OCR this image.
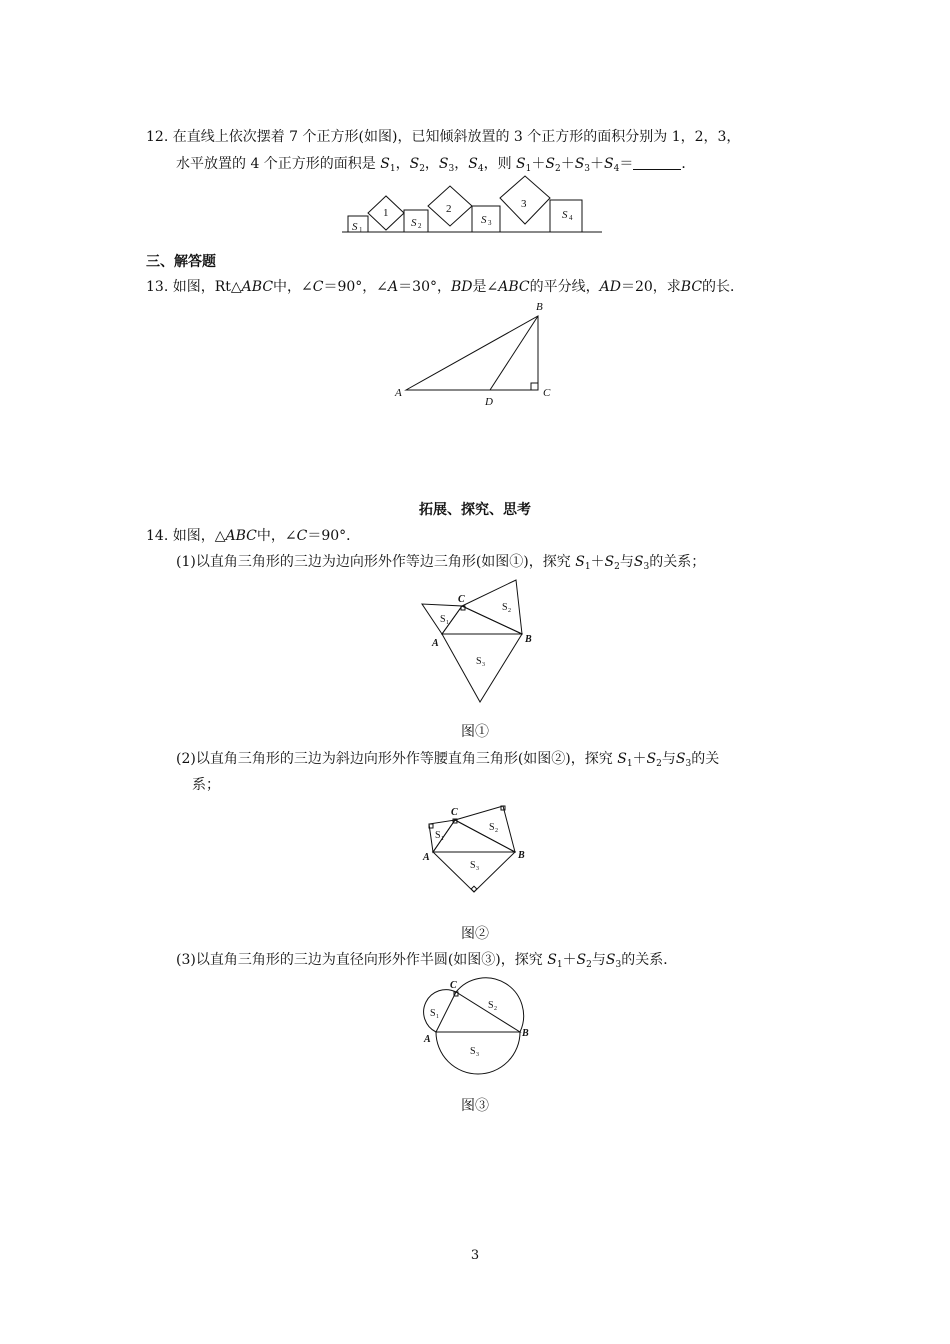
12. 在直线上依次摆着 7 个正方形(如图)，已知倾斜放置的 3 个正方形的面积分别为 1，2，3，
水平放置的 4 个正方形的面积是 $S_1$，$S_2$，$S_3$，$S_4$，则 $S_1+S_2+S_3+S_4=$	．
1	2	3
S 1
S 2	S 3
S 4
三、解答题
13. 如图，Rt△ABC中，∠C＝90°，∠A＝30°，BD是∠ABC的平分线，AD＝20，求BC的长．
A
B
C
D
拓展、探究、思考
14. 如图，△ABC中，∠C＝90°．
(1)以直角三角形的三边为边向形外作等边三角形(如图①)，探究 $S_1+S_2$与$S_3$的关系；
C
A	B
S 1
S 2
S 3
图①
(2)以直角三角形的三边为斜边向形外作等腰直角三角形(如图②)，探究 $S_1+S_2$与$S_3$的关
系；
C
A	B
S 1
S 2
S 3
图②
(3)以直角三角形的三边为直径向形外作半圆(如图③)，探究 $S_1+S_2$与$S_3$的关系．
C
A
B
S 1
S 2
S 3
图③
3
